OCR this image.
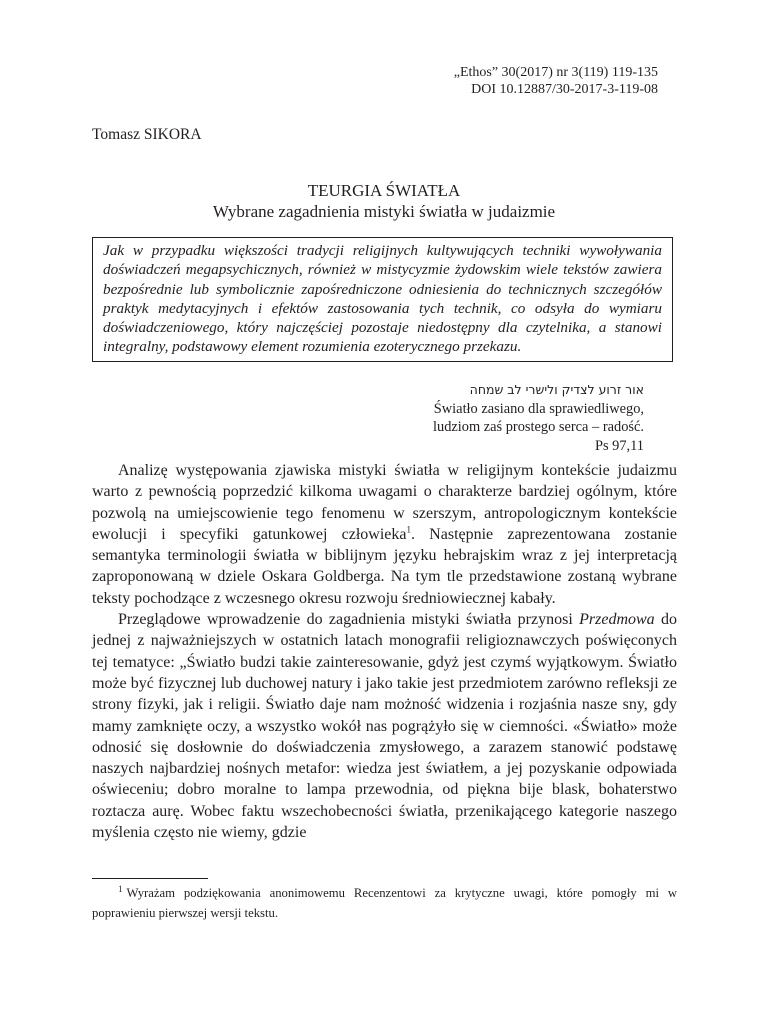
„Ethos” 30(2017) nr 3(119) 119-135
DOI 10.12887/30-2017-3-119-08
Tomasz SIKORA
TEURGIA ŚWIATŁA
Wybrane zagadnienia mistyki światła w judaizmie
Jak w przypadku większości tradycji religijnych kultywujących techniki wywoływania doświadczeń megapsychicznych, również w mistycyzmie żydowskim wiele tekstów zawiera bezpośrednie lub symbolicznie zapośredniczone odniesienia do technicznych szczegółów praktyk medytacyjnych i efektów zastosowania tych technik, co odsyła do wymiaru doświadczeniowego, który najczęściej pozostaje niedostępny dla czytelnika, a stanowi integralny, podstawowy element rozumienia ezoterycznego przekazu.
אור זרוע לצדיק ולישרי לב שמחה
Światło zasiano dla sprawiedliwego,
ludziom zaś prostego serca – radość.
Ps 97,11

Analizę występowania zjawiska mistyki światła w religijnym kontekście judaizmu warto z pewnością poprzedzić kilkoma uwagami o charakterze bardziej ogólnym, które pozwolą na umiejscowienie tego fenomenu w szerszym, antropologicznym kontekście ewolucji i specyfiki gatunkowej człowieka$^1$. Następnie zaprezentowana zostanie semantyka terminologii światła w biblijnym języku hebrajskim wraz z jej interpretacją zaproponowaną w dziele Oskara Goldberga. Na tym tle przedstawione zostaną wybrane teksty pochodzące z wczesnego okresu rozwoju średniowiecznej kabały.

Przeglądowe wprowadzenie do zagadnienia mistyki światła przynosi Przedmowa do jednej z najważniejszych w ostatnich latach monografii religioznawczych poświęconych tej tematyce: „Światło budzi takie zainteresowanie, gdyż jest czymś wyjątkowym. Światło może być fizycznej lub duchowej natury i jako takie jest przedmiotem zarówno refleksji ze strony fizyki, jak i religii. Światło daje nam możność widzenia i rozjaśnia nasze sny, gdy mamy zamknięte oczy, a wszystko wokół nas pogrążyło się w ciemności. «Światło» może odnosić się dosłownie do doświadczenia zmysłowego, a zarazem stanowić podstawę naszych najbardziej nośnych metafor: wiedza jest światłem, a jej pozyskanie odpowiada oświeceniu; dobro moralne to lampa przewodnia, od piękna bije blask, bohaterstwo roztacza aurę. Wobec faktu wszechobecności światła, przenikającego kategorie naszego myślenia często nie wiemy, gdzie

$^1$ Wyrażam podziękowania anonimowemu Recenzentowi za krytyczne uwagi, które pomogły mi w poprawieniu pierwszej wersji tekstu.
